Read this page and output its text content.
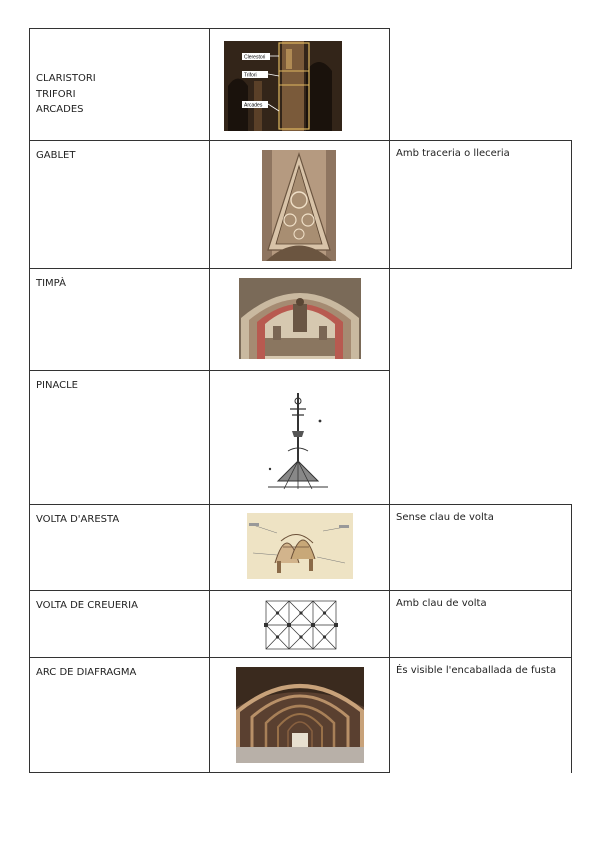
CLARISTORI
TRIFORI
ARCADES
Clerestori
Trifori
Arcades
GABLET	Amb traceria o lleceria
TIMPÀ
PINACLE
VOLTA D'ARESTA	Sense clau de volta
VOLTA DE CREUERIA	Amb clau de volta
ARC DE DIAFRAGMA	És visible l'encaballada de fusta
